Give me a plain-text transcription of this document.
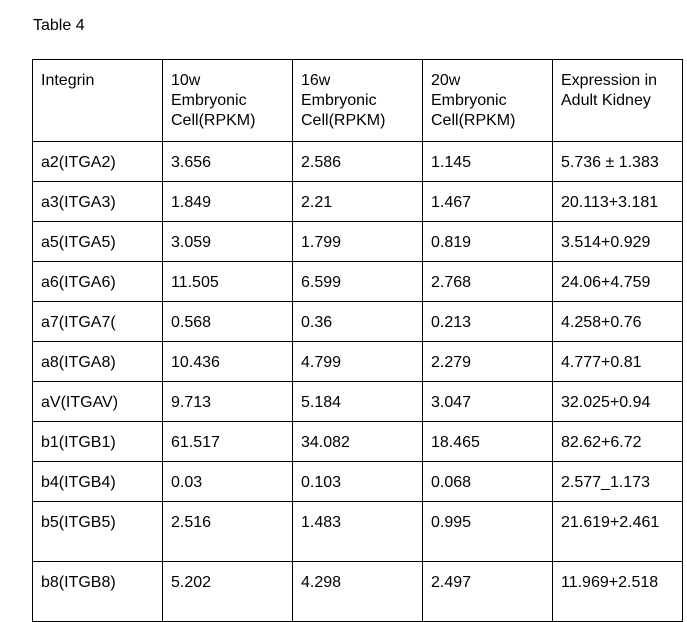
Table 4
Integrin	10w
Embryonic
Cell(RPKM)	16w
Embryonic
Cell(RPKM)	20w
Embryonic
Cell(RPKM)	Expression in
Adult Kidney

a2(ITGA2)	3.656	2.586	1.145	5.736 ± 1.383
a3(ITGA3)	1.849	2.21	1.467	20.113+3.181
a5(ITGA5)	3.059	1.799	0.819	3.514+0.929
a6(ITGA6)	11.505	6.599	2.768	24.06+4.759
a7(ITGA7(	0.568	0.36	0.213	4.258+0.76
a8(ITGA8)	10.436	4.799	2.279	4.777+0.81
aV(ITGAV)	9.713	5.184	3.047	32.025+0.94
b1(ITGB1)	61.517	34.082	18.465	82.62+6.72
b4(ITGB4)	0.03	0.103	0.068	2.577_1.173
b5(ITGB5)	2.516	1.483	0.995	21.619+2.461
b8(ITGB8)	5.202	4.298	2.497	11.969+2.518
